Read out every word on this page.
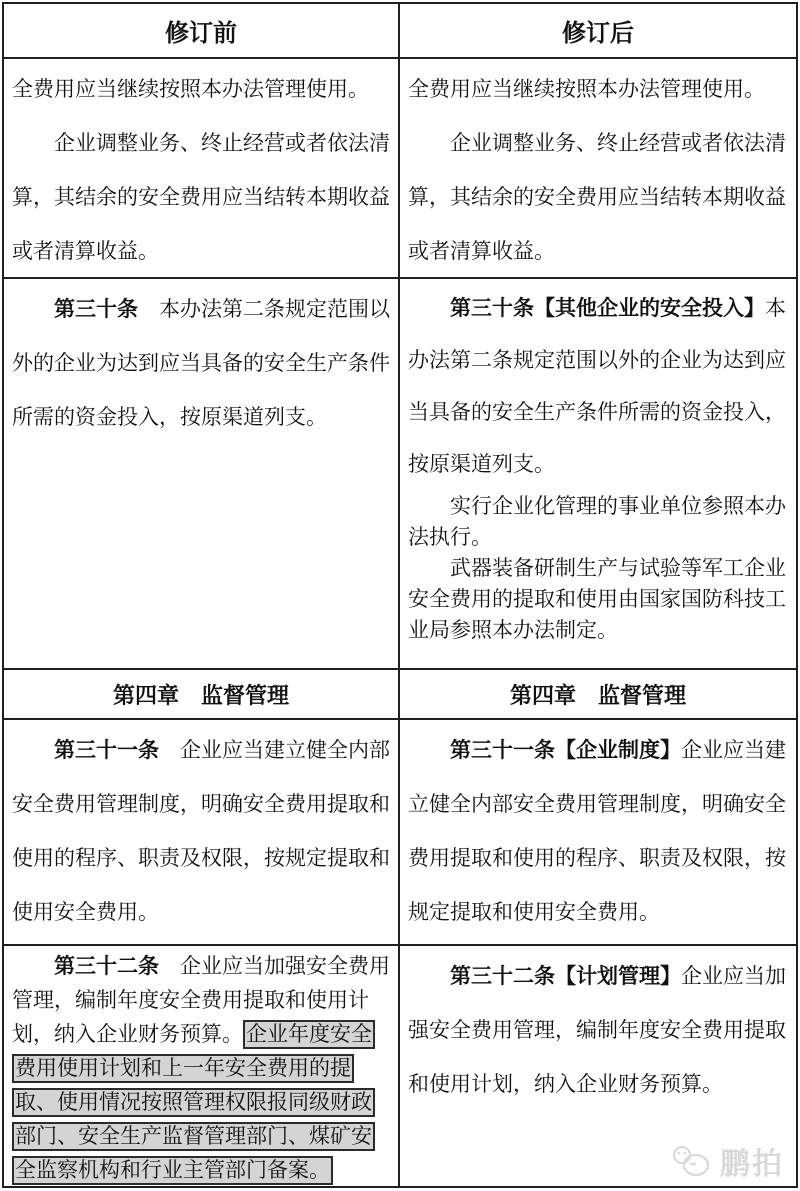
修订前	修订后

全费用应当继续按照本办法管理使用。

企业调整业务、终止经营或者依法清算，其结余的安全费用应当结转本期收益或者清算收益。

全费用应当继续按照本办法管理使用。

企业调整业务、终止经营或者依法清算，其结余的安全费用应当结转本期收益或者清算收益。

第三十条　本办法第二条规定范围以外的企业为达到应当具备的安全生产条件所需的资金投入，按原渠道列支。

第三十条【其他企业的安全投入】本办法第二条规定范围以外的企业为达到应当具备的安全生产条件所需的资金投入，按原渠道列支。

实行企业化管理的事业单位参照本办法执行。

武器装备研制生产与试验等军工企业安全费用的提取和使用由国家国防科技工业局参照本办法制定。

第四章　监督管理	第四章　监督管理

第三十一条　企业应当建立健全内部安全费用管理制度，明确安全费用提取和使用的程序、职责及权限，按规定提取和使用安全费用。

第三十一条【企业制度】企业应当建立健全内部安全费用管理制度，明确安全费用提取和使用的程序、职责及权限，按规定提取和使用安全费用。

第三十二条　企业应当加强安全费用管理，编制年度安全费用提取和使用计划，纳入企业财务预算。 企业年度安全费用使用计划和上一年安全费用的提取、使用情况按照管理权限报同级财政部门、安全生产监督管理部门、煤矿安全监察机构和行业主管部门备案。

第三十二条【计划管理】企业应当加强安全费用管理，编制年度安全费用提取和使用计划，纳入企业财务预算。

鹏拍
